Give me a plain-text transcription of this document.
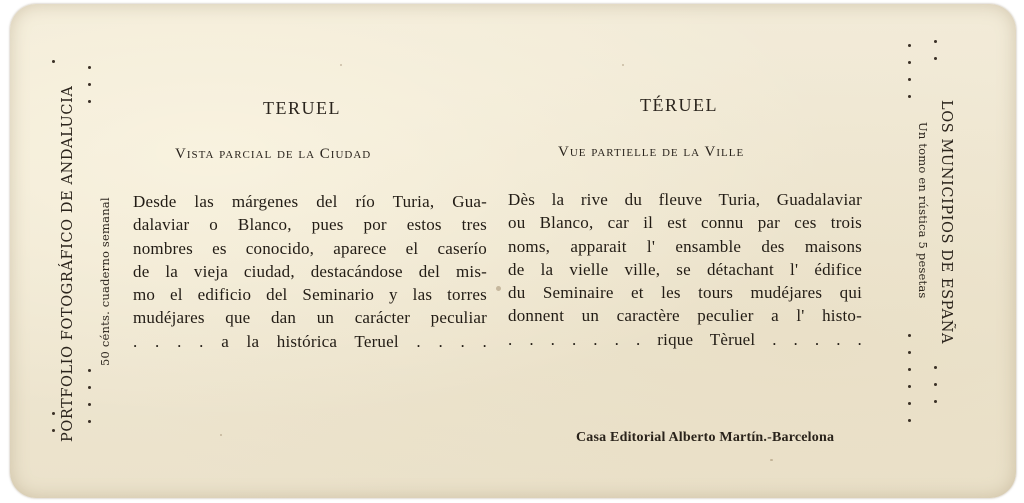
PORTFOLIO FOTOGRÁFICO DE ANDALUCIA 50 cénts. cuaderno semanal	LOS MUNICIPIOS DE ESPAÑA
Un tomo en rústica 5 pesetas
TERUEL
Vista parcial de la Ciudad
Desde las márgenes del río Turia, Gua-
dalaviar o Blanco, pues por estos tres
nombres es conocido, aparece el caserío
de la vieja ciudad, destacándose del mis-
mo el edificio del Seminario y las torres
mudéjares que dan un carácter peculiar
. . . . a la histórica Teruel . . . .
TÉRUEL
Vue partielle de la Ville
Dès la rive du fleuve Turia, Guadalaviar
ou Blanco, car il est connu par ces trois
noms, apparait l' ensamble des maisons
de la vielle ville, se détachant l' édifice
du Seminaire et les tours mudéjares qui
donnent un caractère peculier a l' histo-
. . . . . . . rique Tèruel . . . . .
Casa Editorial Alberto Martín.-Barcelona
